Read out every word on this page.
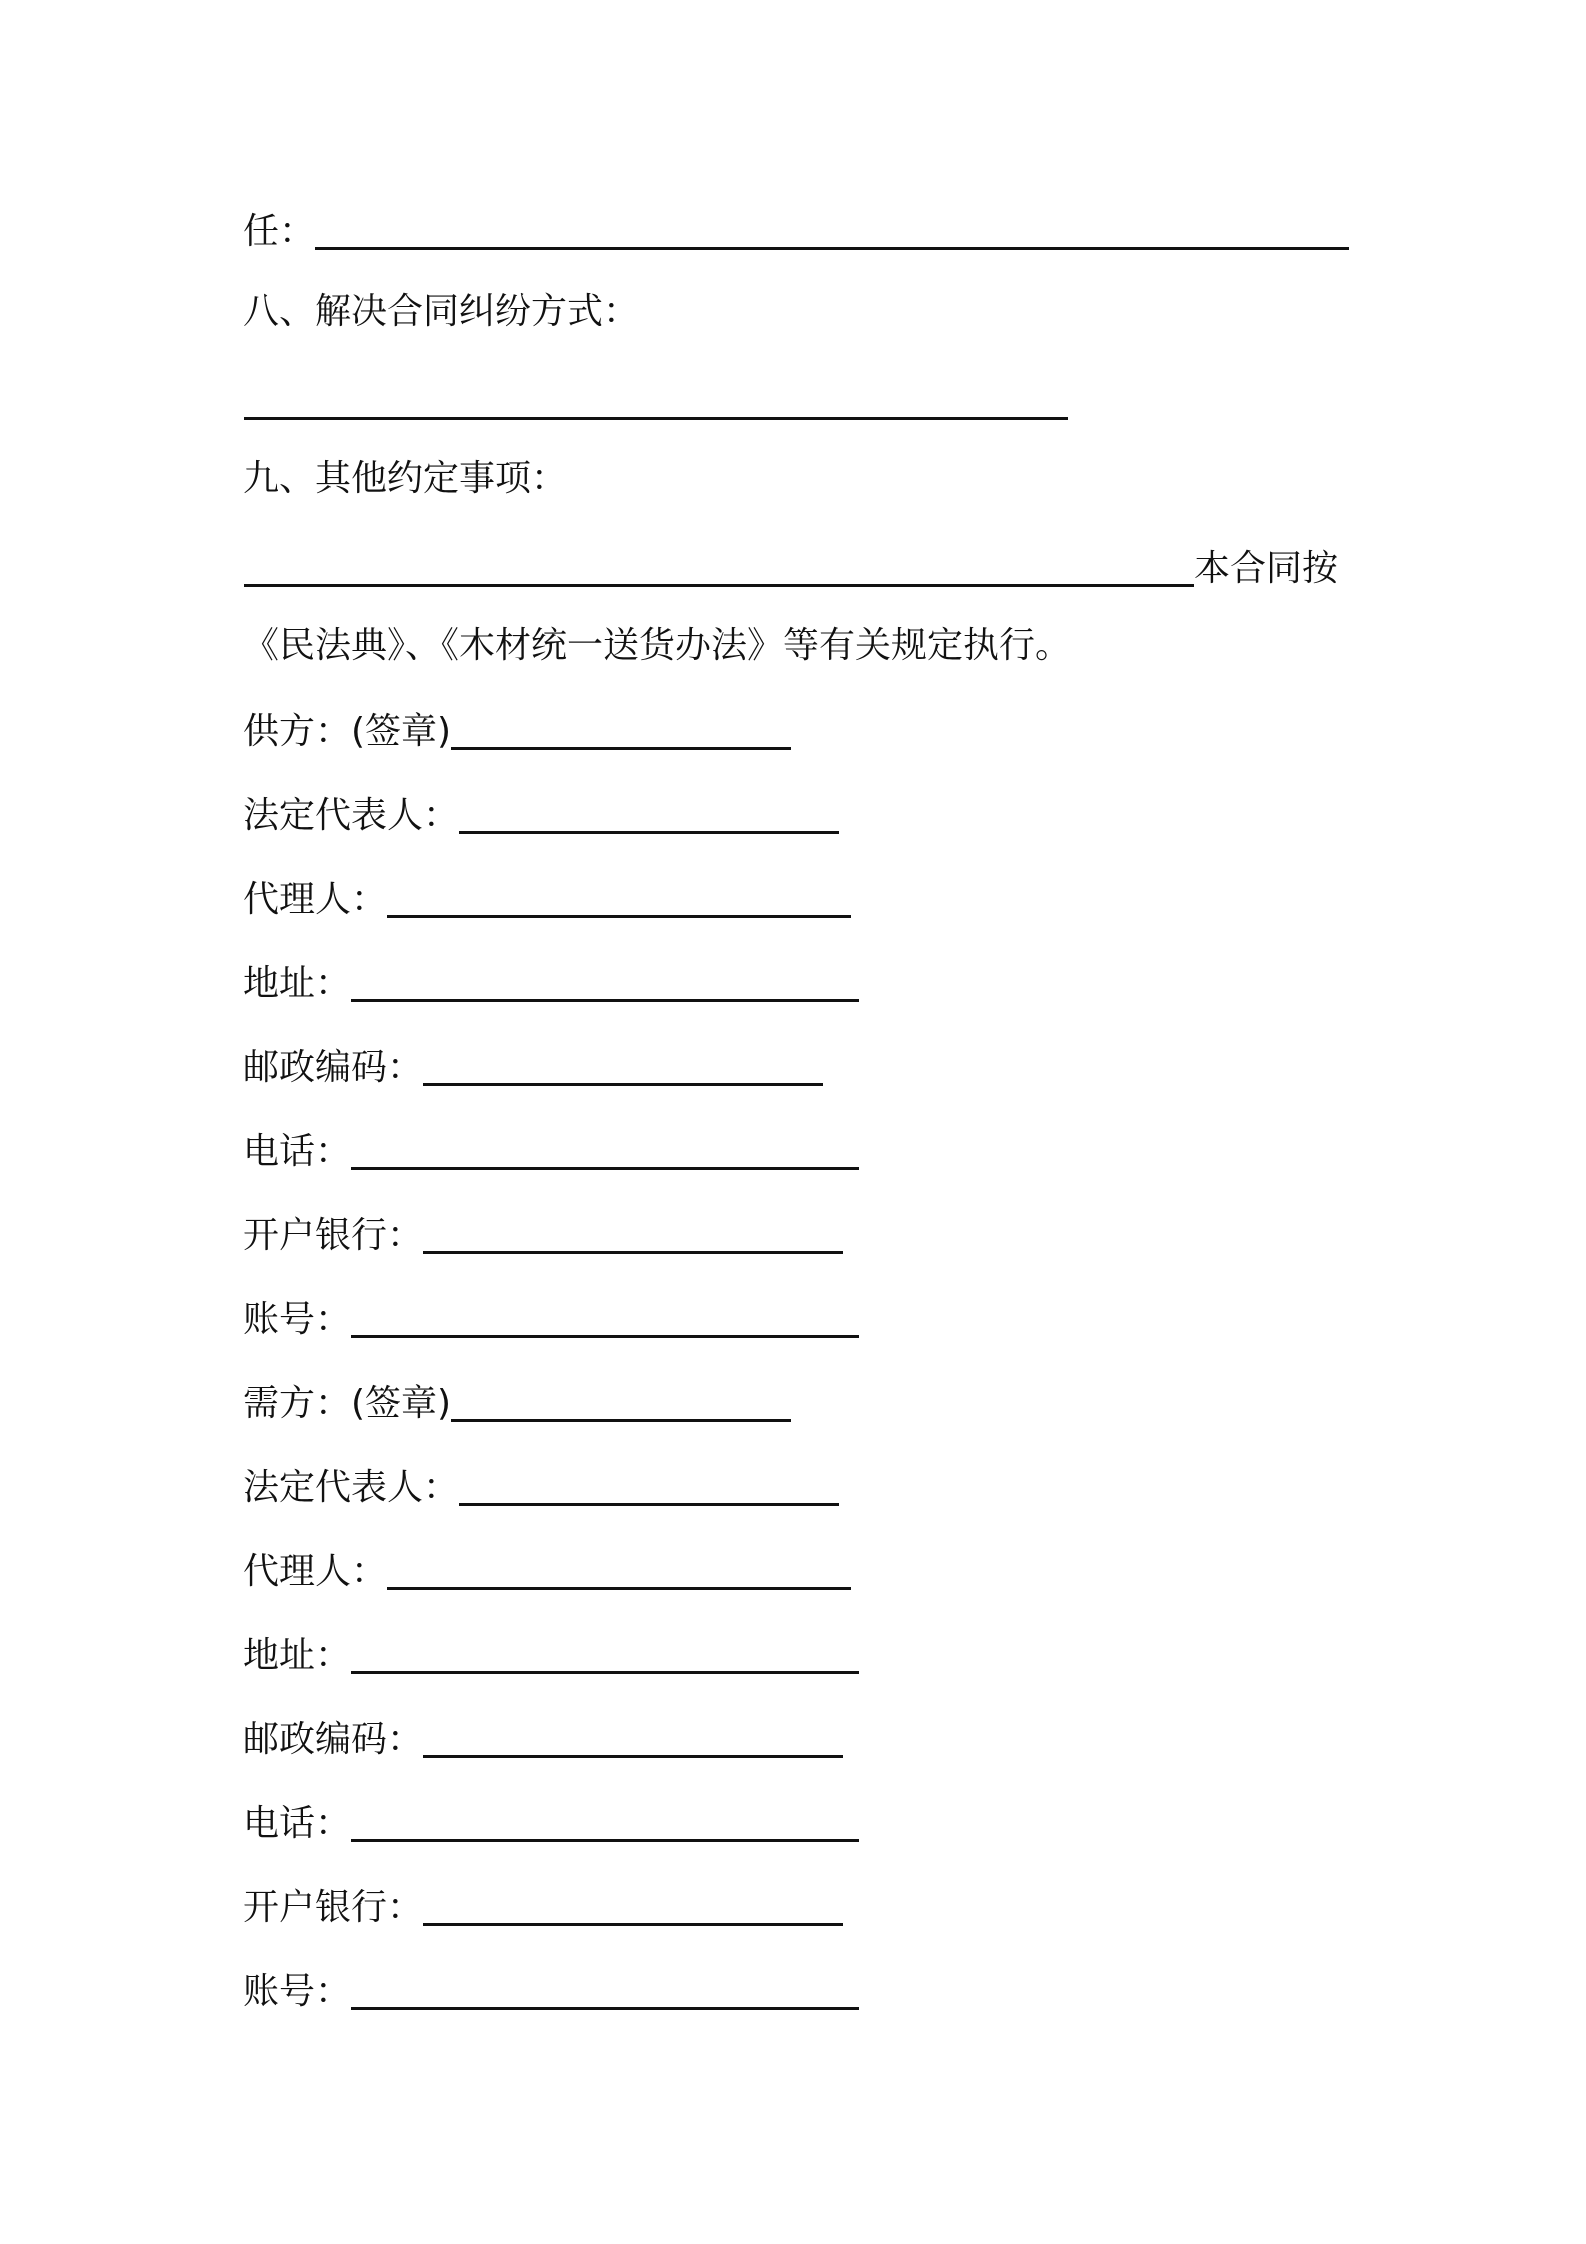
任：
八、解决合同纠纷方式：
九、其他约定事项：
本合同按
《民法典》、《木材统一送货办法》等有关规定执行。
供方：(签章)
法定代表人：
代理人：
地址：
邮政编码：
电话：
开户银行：
账号：
需方：(签章)
法定代表人：
代理人：
地址：
邮政编码：
电话：
开户银行：
账号：
